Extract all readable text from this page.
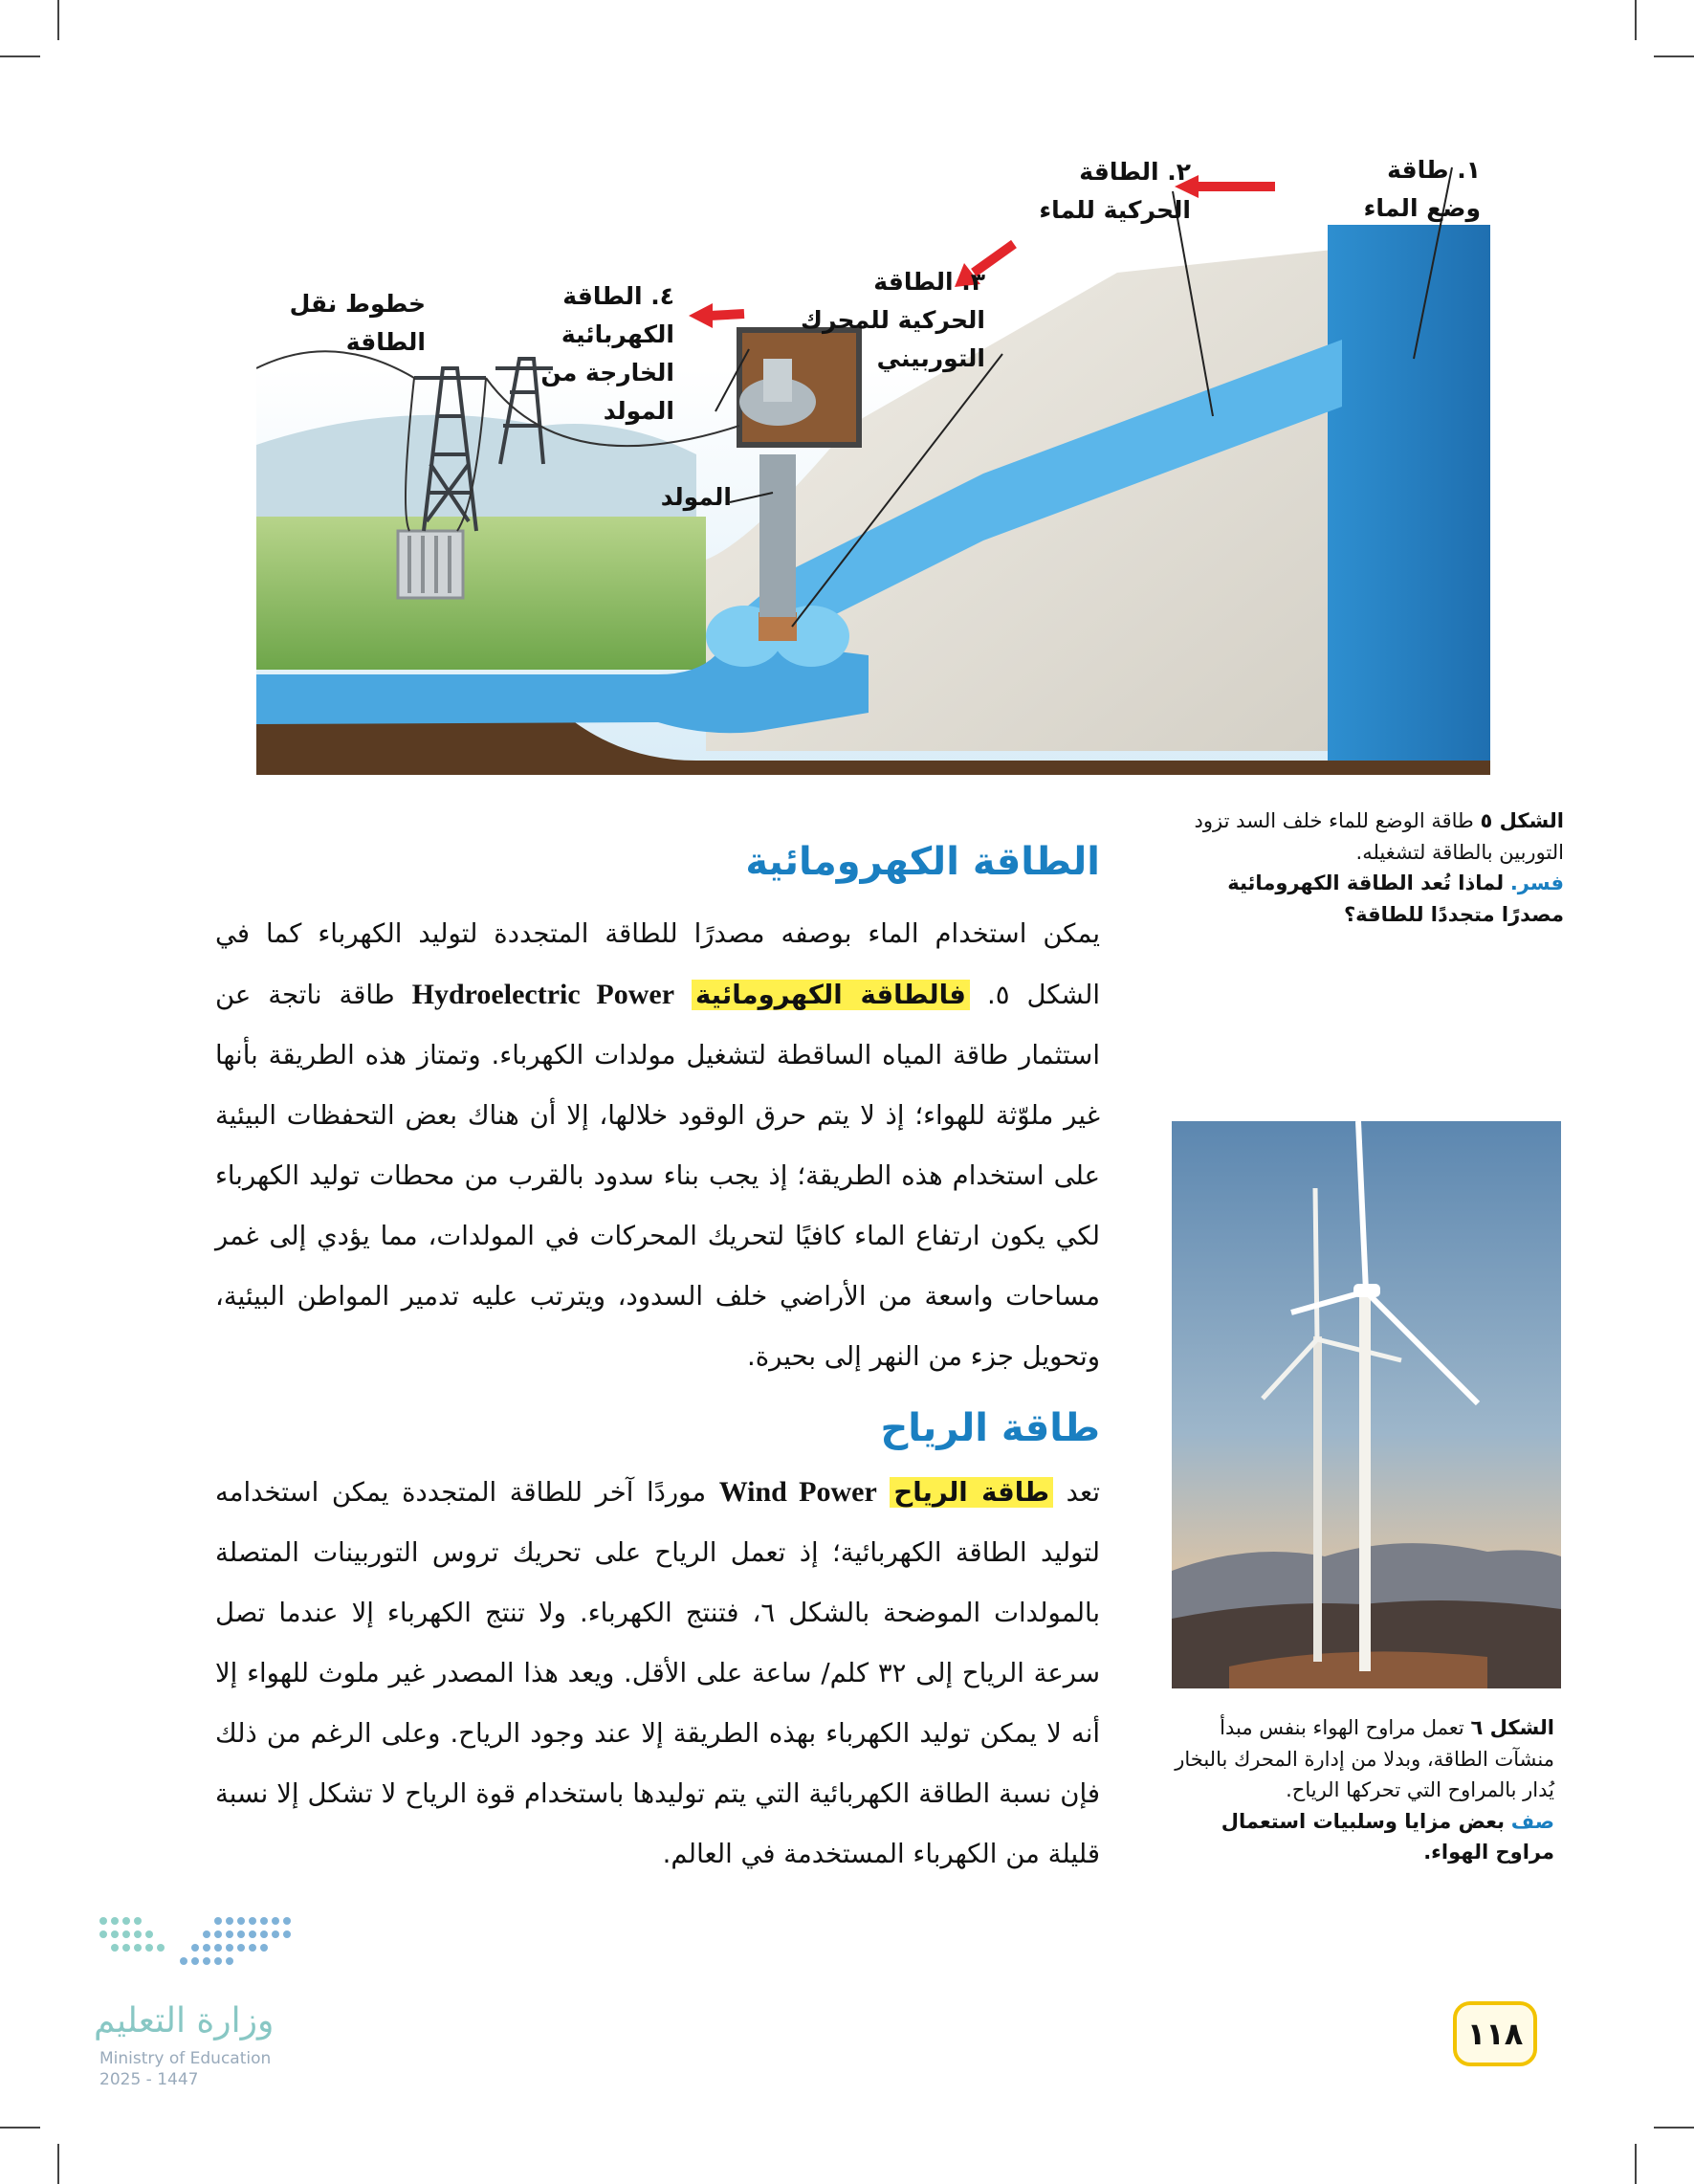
١. طاقة وضع الماء
٢. الطاقة الحركية للماء
٣. الطاقة الحركية للمحرك التوربيني
٤. الطاقة الكهربائية الخارجة من المولد
خطوط نقل الطاقة
المولد
الشكل ٥ طاقة الوضع للماء خلف السد تزود التوربين بالطاقة لتشغيله.
فسر. لماذا تُعد الطاقة الكهرومائية مصدرًا متجددًا للطاقة؟
الطاقة الكهرومائية
يمكن استخدام الماء بوصفه مصدرًا للطاقة المتجددة لتوليد الكهرباء كما في الشكل ٥. فالطاقة الكهرومائية Hydroelectric Power طاقة ناتجة عن استثمار طاقة المياه الساقطة لتشغيل مولدات الكهرباء. وتمتاز هذه الطريقة بأنها غير ملوّثة للهواء؛ إذ لا يتم حرق الوقود خلالها، إلا أن هناك بعض التحفظات البيئية على استخدام هذه الطريقة؛ إذ يجب بناء سدود بالقرب من محطات توليد الكهرباء لكي يكون ارتفاع الماء كافيًا لتحريك المحركات في المولدات، مما يؤدي إلى غمر مساحات واسعة من الأراضي خلف السدود، ويترتب عليه تدمير المواطن البيئية، وتحويل جزء من النهر إلى بحيرة.
طاقة الرياح
تعد طاقة الرياح Wind Power موردًا آخر للطاقة المتجددة يمكن استخدامه لتوليد الطاقة الكهربائية؛ إذ تعمل الرياح على تحريك تروس التوربينات المتصلة بالمولدات الموضحة بالشكل ٦، فتنتج الكهرباء. ولا تنتج الكهرباء إلا عندما تصل سرعة الرياح إلى ٣٢ كلم/ ساعة على الأقل. ويعد هذا المصدر غير ملوث للهواء إلا أنه لا يمكن توليد الكهرباء بهذه الطريقة إلا عند وجود الرياح. وعلى الرغم من ذلك فإن نسبة الطاقة الكهربائية التي يتم توليدها باستخدام قوة الرياح لا تشكل إلا نسبة قليلة من الكهرباء المستخدمة في العالم.
الشكل ٦ تعمل مراوح الهواء بنفس مبدأ منشآت الطاقة، وبدلا من إدارة المحرك بالبخار يُدار بالمراوح التي تحركها الرياح.
صف بعض مزايا وسلبيات استعمال مراوح الهواء.
١١٨
وزارة التعليم
Ministry of Education
2025 - 1447
